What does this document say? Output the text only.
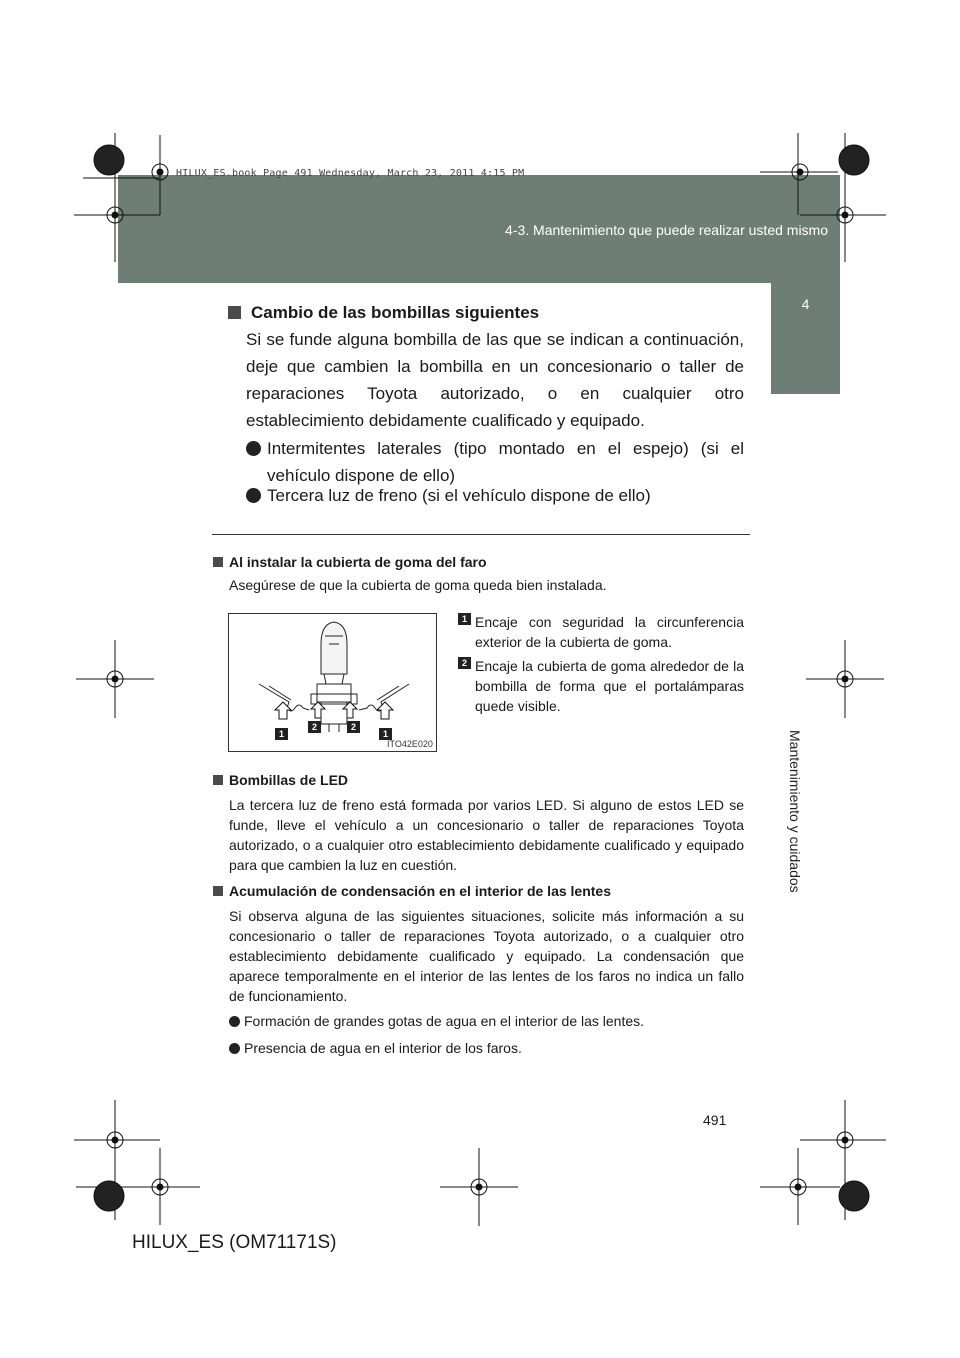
HILUX_ES.book Page 491 Wednesday, March 23, 2011 4:15 PM
4-3. Mantenimiento que puede realizar usted mismo
4
Mantenimiento y cuidados
Cambio de las bombillas siguientes
Si se funde alguna bombilla de las que se indican a continuación, deje que cambien la bombilla en un concesionario o taller de reparaciones Toyota autorizado, o en cualquier otro establecimiento debidamente cualificado y equipado.
Intermitentes laterales (tipo montado en el espejo) (si el vehículo dispone de ello)
Tercera luz de freno (si el vehículo dispone de ello)
Al instalar la cubierta de goma del faro
Asegúrese de que la cubierta de goma queda bien instalada.
1
2	2
1
ITO42E020
1 Encaje con seguridad la circunferencia exterior de la cubierta de goma.
2 Encaje la cubierta de goma alrededor de la bombilla de forma que el portalámparas quede visible.
Bombillas de LED
La tercera luz de freno está formada por varios LED. Si alguno de estos LED se funde, lleve el vehículo a un concesionario o taller de reparaciones Toyota autorizado, o a cualquier otro establecimiento debidamente cualificado y equipado para que cambien la luz en cuestión.
Acumulación de condensación en el interior de las lentes
Si observa alguna de las siguientes situaciones, solicite más información a su concesionario o taller de reparaciones Toyota autorizado, o a cualquier otro establecimiento debidamente cualificado y equipado. La condensación que aparece temporalmente en el interior de las lentes de los faros no indica un fallo de funcionamiento.
Formación de grandes gotas de agua en el interior de las lentes.
Presencia de agua en el interior de los faros.
491
HILUX_ES (OM71171S)
